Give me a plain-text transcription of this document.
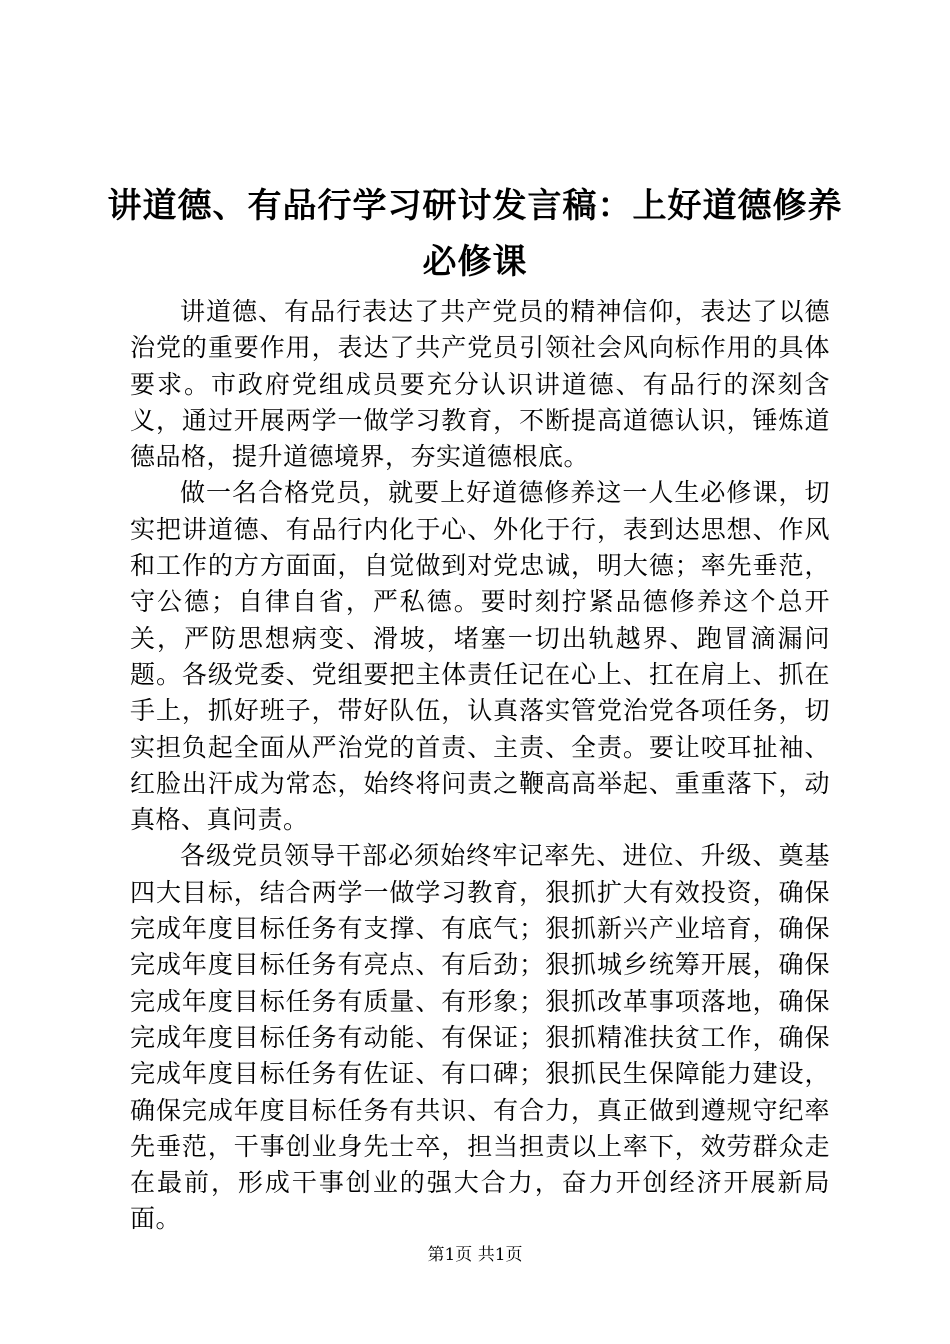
讲道德、有品行学习研讨发言稿：上好道德修养必修课

讲道德、有品行表达了共产党员的精神信仰，表达了以德治党的重要作用，表达了共产党员引领社会风向标作用的具体要求。市政府党组成员要充分认识讲道德、有品行的深刻含义，通过开展两学一做学习教育，不断提高道德认识，锤炼道德品格，提升道德境界，夯实道德根底。

做一名合格党员，就要上好道德修养这一人生必修课，切实把讲道德、有品行内化于心、外化于行，表到达思想、作风和工作的方方面面，自觉做到对党忠诚，明大德；率先垂范，守公德；自律自省，严私德。要时刻拧紧品德修养这个总开关，严防思想病变、滑坡，堵塞一切出轨越界、跑冒滴漏问题。各级党委、党组要把主体责任记在心上、扛在肩上、抓在手上，抓好班子，带好队伍，认真落实管党治党各项任务，切实担负起全面从严治党的首责、主责、全责。要让咬耳扯袖、红脸出汗成为常态，始终将问责之鞭高高举起、重重落下，动真格、真问责。

各级党员领导干部必须始终牢记率先、进位、升级、奠基四大目标，结合两学一做学习教育，狠抓扩大有效投资，确保完成年度目标任务有支撑、有底气；狠抓新兴产业培育，确保完成年度目标任务有亮点、有后劲；狠抓城乡统筹开展，确保完成年度目标任务有质量、有形象；狠抓改革事项落地，确保完成年度目标任务有动能、有保证；狠抓精准扶贫工作，确保完成年度目标任务有佐证、有口碑；狠抓民生保障能力建设，确保完成年度目标任务有共识、有合力，真正做到遵规守纪率先垂范，干事创业身先士卒，担当担责以上率下，效劳群众走在最前，形成干事创业的强大合力，奋力开创经济开展新局面。

第1页 共1页
